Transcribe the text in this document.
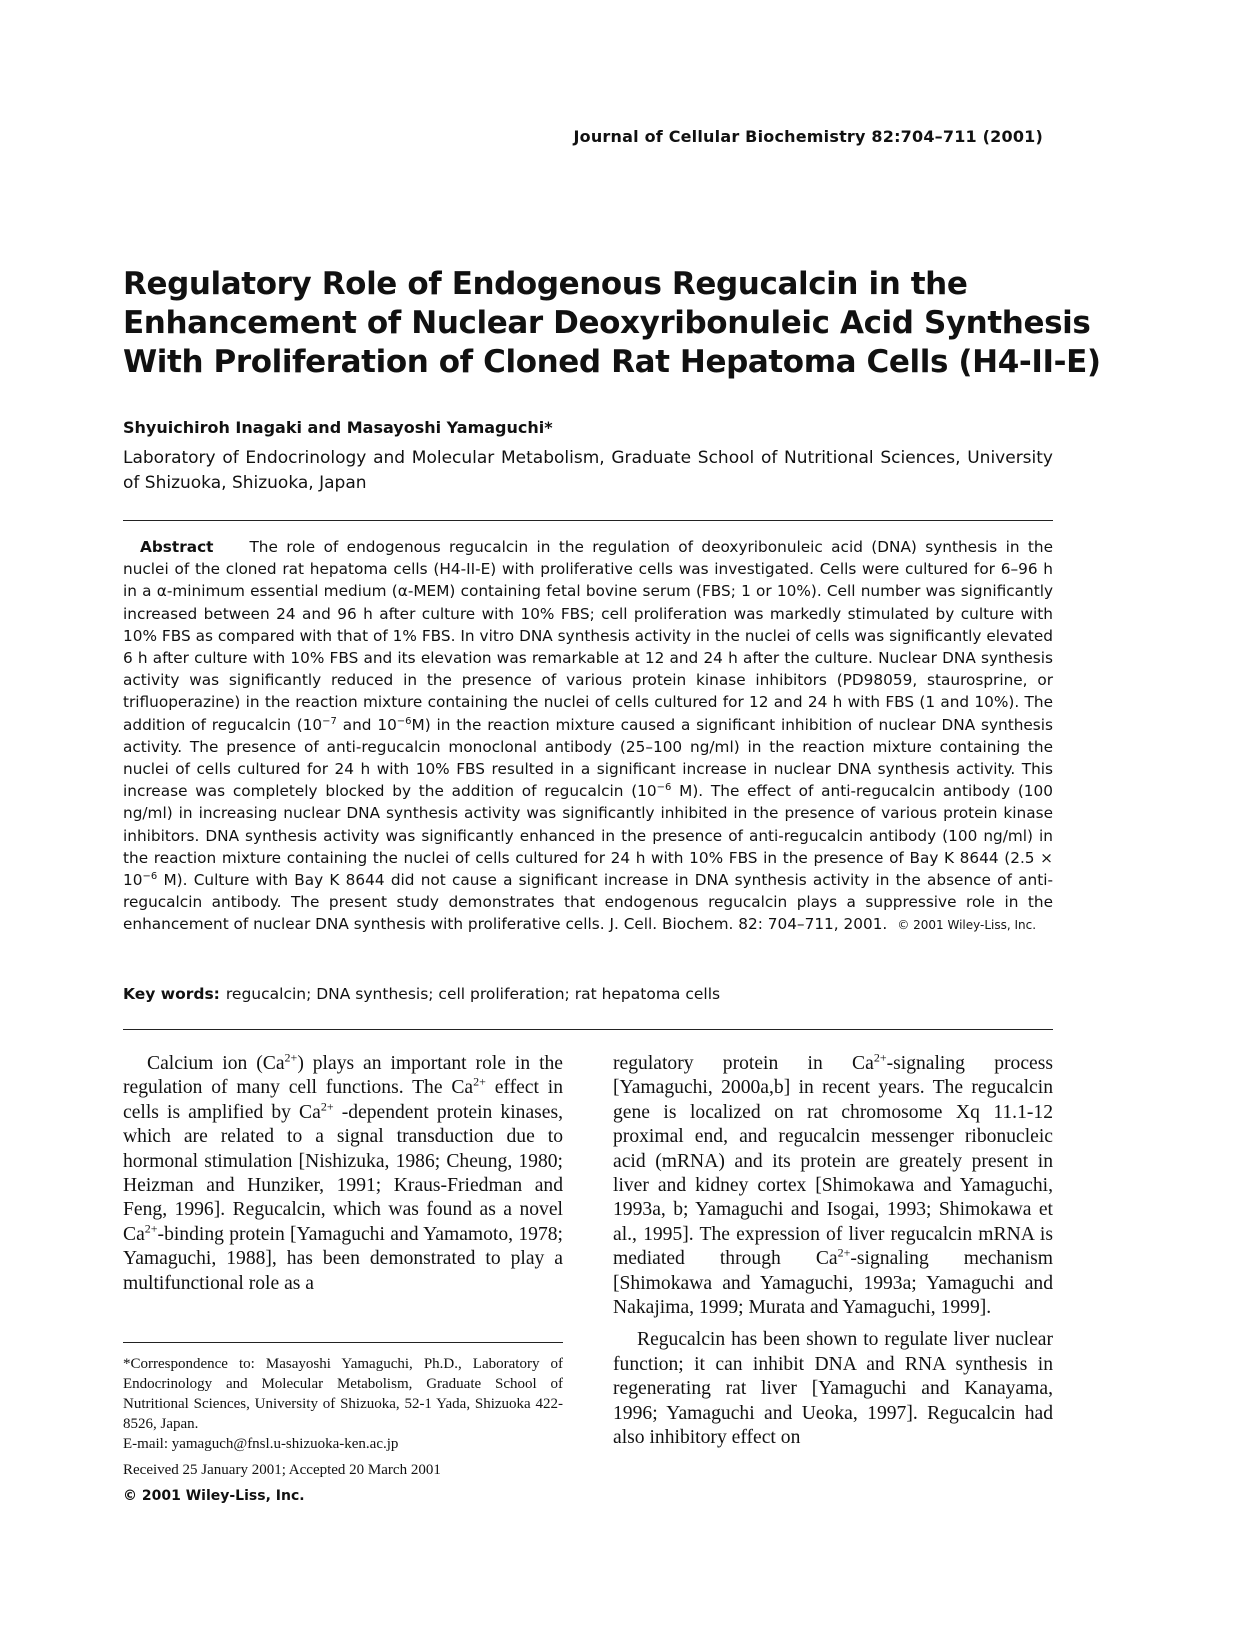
Journal of Cellular Biochemistry 82:704–711 (2001)
Regulatory Role of Endogenous Regucalcin in the
Enhancement of Nuclear Deoxyribonuleic Acid Synthesis
With Proliferation of Cloned Rat Hepatoma Cells (H4-II-E)
Shyuichiroh Inagaki and Masayoshi Yamaguchi*
Laboratory of Endocrinology and Molecular Metabolism, Graduate School of Nutritional Sciences, University of Shizuoka, Shizuoka, Japan
Abstract The role of endogenous regucalcin in the regulation of deoxyribonuleic acid (DNA) synthesis in the nuclei of the cloned rat hepatoma cells (H4-II-E) with proliferative cells was investigated. Cells were cultured for 6–96 h in a α-minimum essential medium (α-MEM) containing fetal bovine serum (FBS; 1 or 10%). Cell number was significantly increased between 24 and 96 h after culture with 10% FBS; cell proliferation was markedly stimulated by culture with 10% FBS as compared with that of 1% FBS. In vitro DNA synthesis activity in the nuclei of cells was significantly elevated 6 h after culture with 10% FBS and its elevation was remarkable at 12 and 24 h after the culture. Nuclear DNA synthesis activity was significantly reduced in the presence of various protein kinase inhibitors (PD98059, staurosprine, or trifluoperazine) in the reaction mixture containing the nuclei of cells cultured for 12 and 24 h with FBS (1 and 10%). The addition of regucalcin ($10^{-7}$ and $10^{-6}M$) in the reaction mixture caused a significant inhibition of nuclear DNA synthesis activity. The presence of anti-regucalcin monoclonal antibody (25–100 ng/ml) in the reaction mixture containing the nuclei of cells cultured for 24 h with 10% FBS resulted in a significant increase in nuclear DNA synthesis activity. This increase was completely blocked by the addition of regucalcin ($10^{-6}$ M). The effect of anti-regucalcin antibody (100 ng/ml) in increasing nuclear DNA synthesis activity was significantly inhibited in the presence of various protein kinase inhibitors. DNA synthesis activity was significantly enhanced in the presence of anti-regucalcin antibody (100 ng/ml) in the reaction mixture containing the nuclei of cells cultured for 24 h with 10% FBS in the presence of Bay K 8644 ($2.5 \times 10^{-6}$ M). Culture with Bay K 8644 did not cause a significant increase in DNA synthesis activity in the absence of anti-regucalcin antibody. The present study demonstrates that endogenous regucalcin plays a suppressive role in the enhancement of nuclear DNA synthesis with proliferative cells. J. Cell. Biochem. 82: 704–711, 2001. © 2001 Wiley-Liss, Inc.
Key words: regucalcin; DNA synthesis; cell proliferation; rat hepatoma cells

Calcium ion $(Ca^{2+})$ plays an important role in the regulation of many cell functions. The $Ca^{2+}$ effect in cells is amplified by $Ca^{2+}$ -dependent protein kinases, which are related to a signal transduction due to hormonal stimulation [Nishizuka, 1986; Cheung, 1980; Heizman and Hunziker, 1991; Kraus-Friedman and Feng, 1996]. Regucalcin, which was found as a novel $Ca^{2+}$-binding protein [Yamaguchi and Yamamoto, 1978; Yamaguchi, 1988], has been demonstrated to play a multifunctional role as a

regulatory protein in $Ca^{2+}$-signaling process [Yamaguchi, 2000a,b] in recent years. The regucalcin gene is localized on rat chromosome Xq 11.1-12 proximal end, and regucalcin messenger ribonucleic acid (mRNA) and its protein are greately present in liver and kidney cortex [Shimokawa and Yamaguchi, 1993a, b; Yamaguchi and Isogai, 1993; Shimokawa et al., 1995]. The expression of liver regucalcin mRNA is mediated through $Ca^{2+}$-signaling mechanism [Shimokawa and Yamaguchi, 1993a; Yamaguchi and Nakajima, 1999; Murata and Yamaguchi, 1999].

Regucalcin has been shown to regulate liver nuclear function; it can inhibit DNA and RNA synthesis in regenerating rat liver [Yamaguchi and Kanayama, 1996; Yamaguchi and Ueoka, 1997]. Regucalcin had also inhibitory effect on

*Correspondence to: Masayoshi Yamaguchi, Ph.D., Laboratory of Endocrinology and Molecular Metabolism, Graduate School of Nutritional Sciences, University of Shizuoka, 52-1 Yada, Shizuoka 422-8526, Japan.

E-mail: yamaguch@fnsl.u-shizuoka-ken.ac.jp

Received 25 January 2001; Accepted 20 March 2001

© 2001 Wiley-Liss, Inc.
